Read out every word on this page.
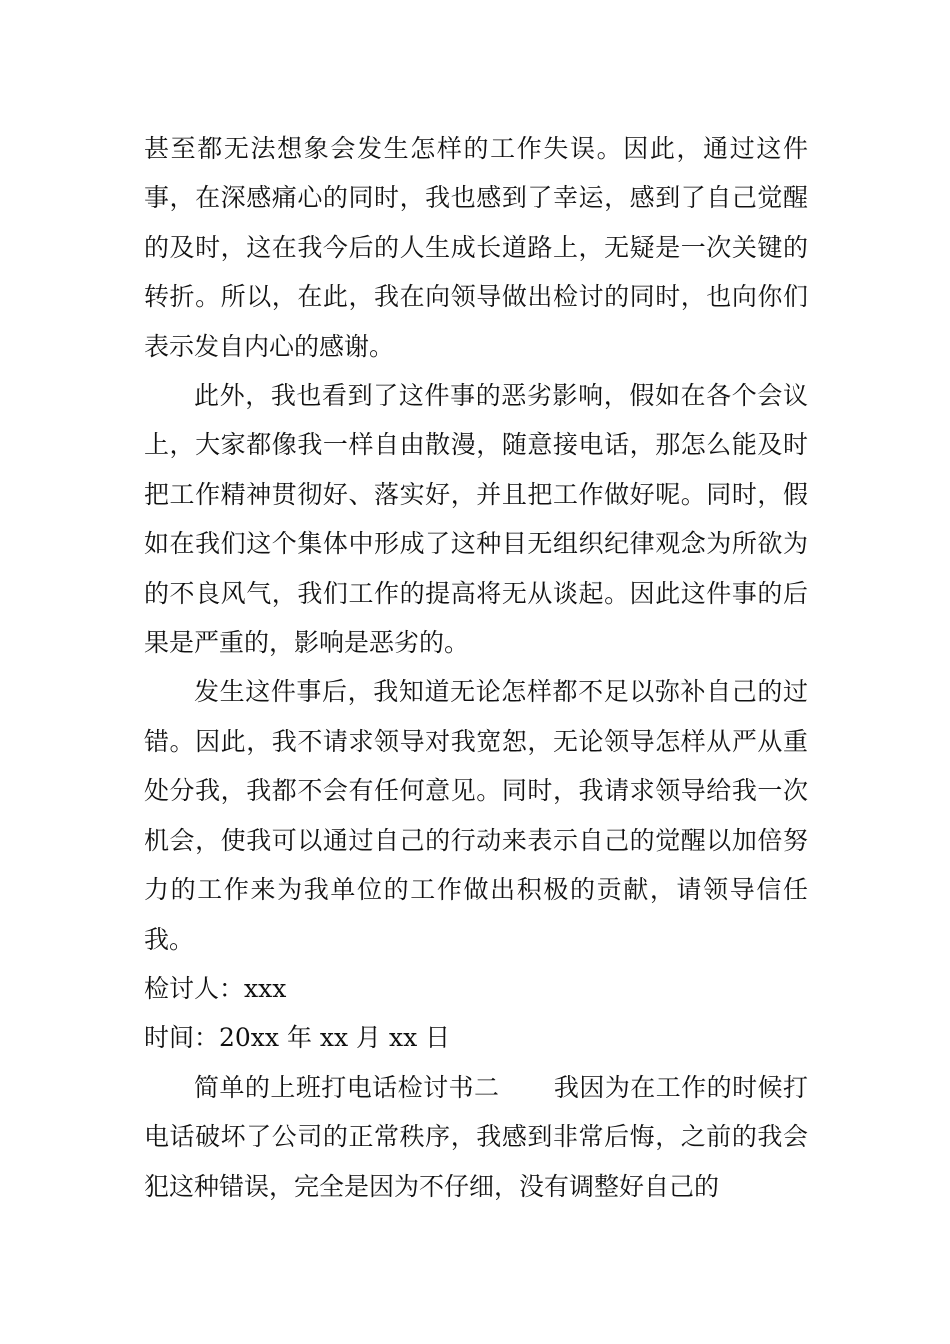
甚至都无法想象会发生怎样的工作失误。因此，通过这件事，在深感痛心的同时，我也感到了幸运，感到了自己觉醒的及时，这在我今后的人生成长道路上，无疑是一次关键的转折。所以，在此，我在向领导做出检讨的同时，也向你们表示发自内心的感谢。

此外，我也看到了这件事的恶劣影响，假如在各个会议上，大家都像我一样自由散漫，随意接电话，那怎么能及时把工作精神贯彻好、落实好，并且把工作做好呢。同时，假如在我们这个集体中形成了这种目无组织纪律观念为所欲为的不良风气，我们工作的提高将无从谈起。因此这件事的后果是严重的，影响是恶劣的。

发生这件事后，我知道无论怎样都不足以弥补自己的过错。因此，我不请求领导对我宽恕，无论领导怎样从严从重处分我，我都不会有任何意见。同时，我请求领导给我一次机会，使我可以通过自己的行动来表示自己的觉醒以加倍努力的工作来为我单位的工作做出积极的贡献，请领导信任我。

检讨人：xxx

时间：20xx 年 xx 月 xx 日

简单的上班打电话检讨书二 我因为在工作的时候打电话破坏了公司的正常秩序，我感到非常后悔，之前的我会犯这种错误，完全是因为不仔细，没有调整好自己的
